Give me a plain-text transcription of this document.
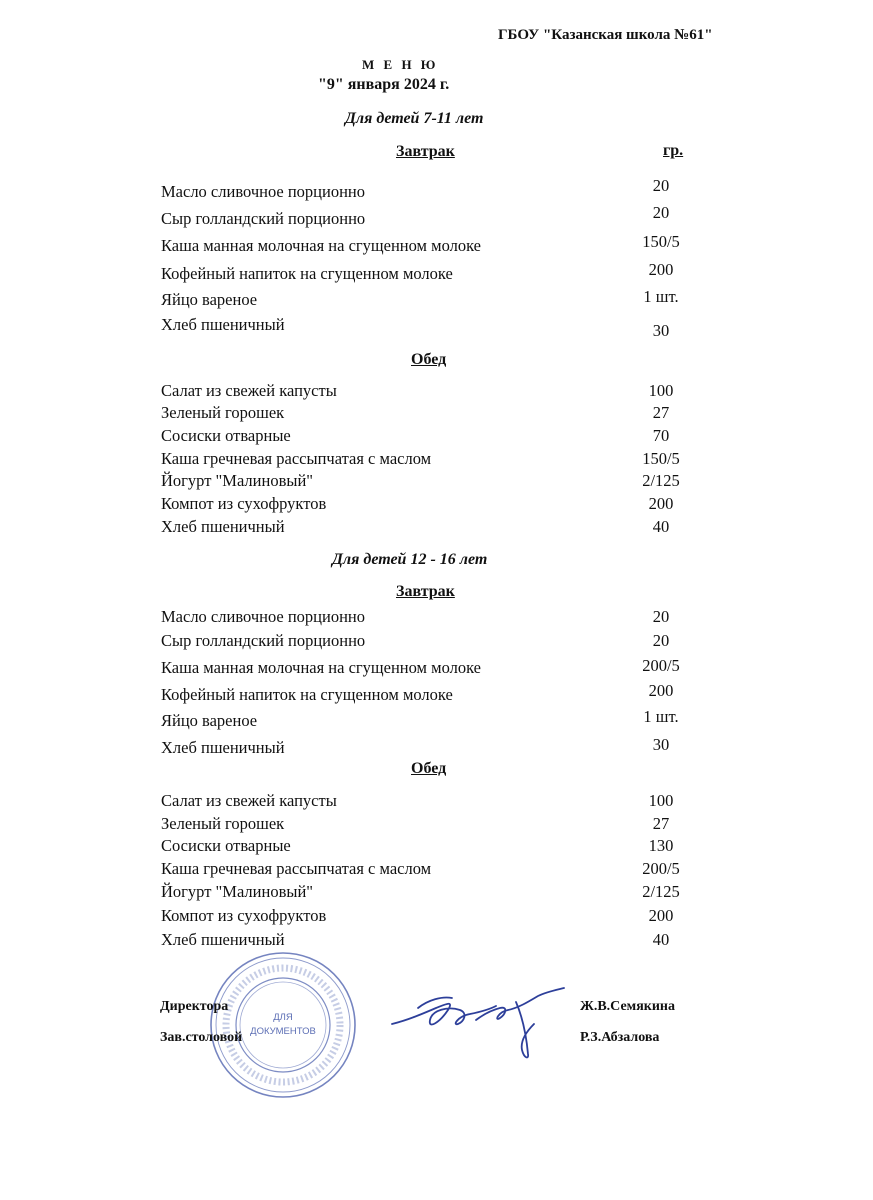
ГБОУ "Казанская школа №61"
М Е Н Ю
"9" января 2024 г.
Для детей 7-11 лет
Завтрак	гр.
Масло сливочное порционно	20
Сыр голландский порционно	20
Каша манная молочная на сгущенном молоке	150/5
Кофейный напиток на сгущенном молоке	200
Яйцо вареное	1 шт.
Хлеб пшеничный	30
Обед
Салат из свежей капусты	100
Зеленый горошек	27
Сосиски отварные	70
Каша гречневая рассыпчатая с маслом	150/5
Йогурт "Малиновый"	2/125
Компот из сухофруктов	200
Хлеб пшеничный	40
Для детей 12 - 16 лет
Завтрак
Масло сливочное порционно	20
Сыр голландский порционно	20
Каша манная молочная на сгущенном молоке	200/5
Кофейный напиток на сгущенном молоке	200
Яйцо вареное	1 шт.
Хлеб пшеничный	30
Обед
Салат из свежей капусты	100
Зеленый горошек	27
Сосиски отварные	130
Каша гречневая рассыпчатая с маслом	200/5
Йогурт "Малиновый"	2/125
Компот из сухофруктов	200
Хлеб пшеничный	40
ДЛЯ
ДОКУМЕНТОВ
Директора	Ж.В.Семякина
Зав.столовой	Р.З.Абзалова
